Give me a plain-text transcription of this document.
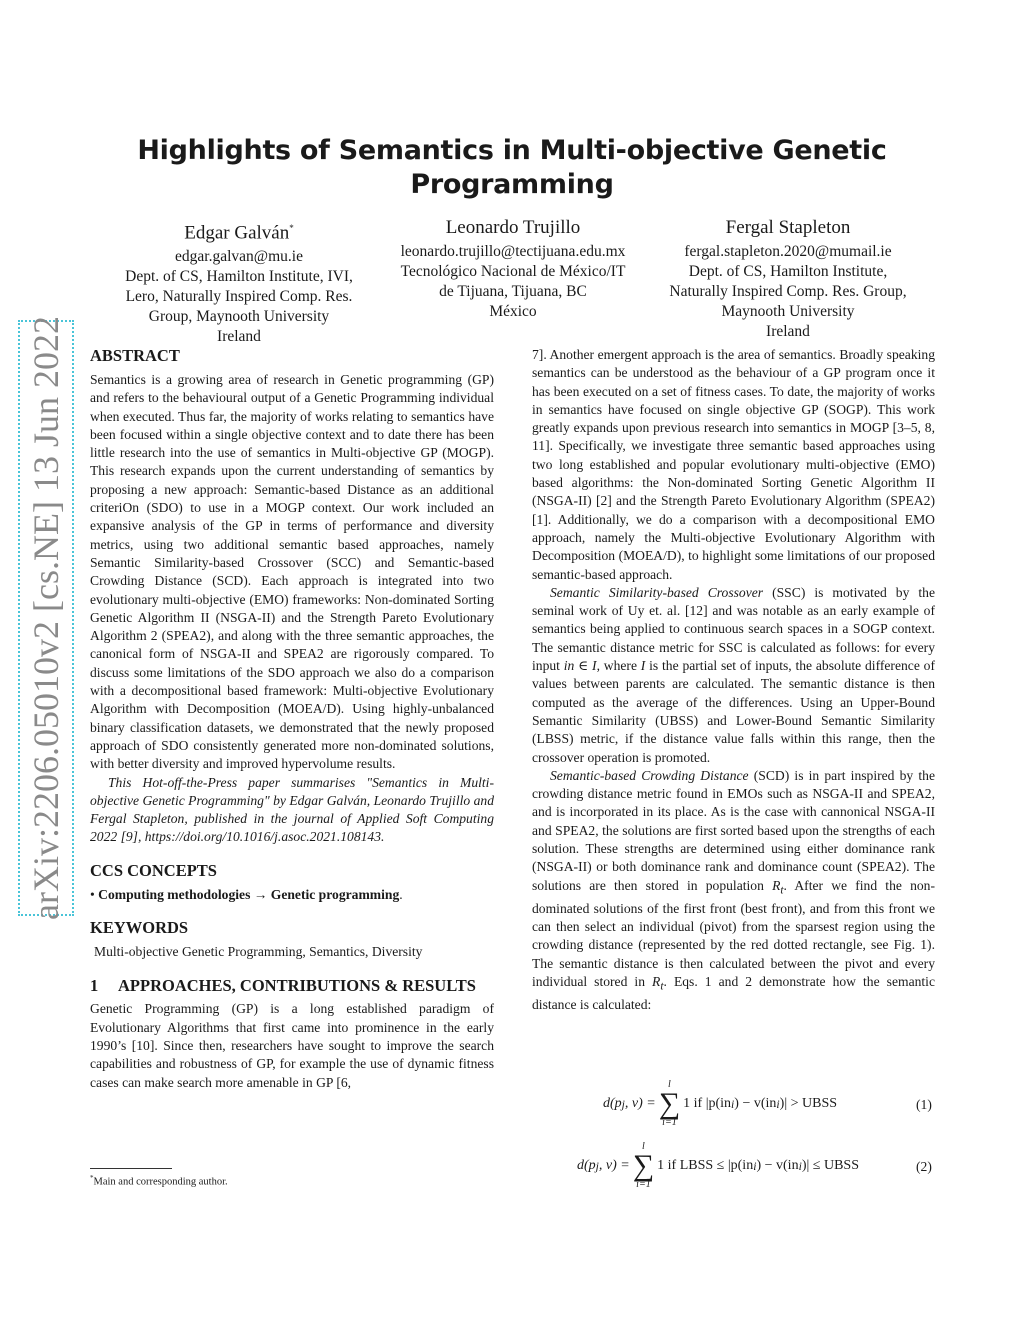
arXiv:2206.05010v2 [cs.NE] 13 Jun 2022
Highlights of Semantics in Multi-objective Genetic Programming
Edgar Galván*
edgar.galvan@mu.ie
Dept. of CS, Hamilton Institute, IVI,
Lero, Naturally Inspired Comp. Res.
Group, Maynooth University
Ireland
Leonardo Trujillo
leonardo.trujillo@tectijuana.edu.mx
Tecnológico Nacional de México/IT
de Tijuana, Tijuana, BC
México
Fergal Stapleton
fergal.stapleton.2020@mumail.ie
Dept. of CS, Hamilton Institute,
Naturally Inspired Comp. Res. Group,
Maynooth University
Ireland
ABSTRACT

Semantics is a growing area of research in Genetic programming (GP) and refers to the behavioural output of a Genetic Programming individual when executed. Thus far, the majority of works relating to semantics have been focused within a single objective context and to date there has been little research into the use of semantics in Multi-objective GP (MOGP). This research expands upon the current understanding of semantics by proposing a new approach: Semantic-based Distance as an additional criteriOn (SDO) to use in a MOGP context. Our work included an expansive analysis of the GP in terms of performance and diversity metrics, using two additional semantic based approaches, namely Semantic Similarity-based Crossover (SCC) and Semantic-based Crowding Distance (SCD). Each approach is integrated into two evolutionary multi-objective (EMO) frameworks: Non-dominated Sorting Genetic Algorithm II (NSGA-II) and the Strength Pareto Evolutionary Algorithm 2 (SPEA2), and along with the three semantic approaches, the canonical form of NSGA-II and SPEA2 are rigorously compared. To discuss some limitations of the SDO approach we also do a comparison with a decompositional based framework: Multi-objective Evolutionary Algorithm with Decomposition (MOEA/D). Using highly-unbalanced binary classification datasets, we demonstrated that the newly proposed approach of SDO consistently generated more non-dominated solutions, with better diversity and improved hypervolume results.

This Hot-off-the-Press paper summarises "Semantics in Multi-objective Genetic Programming" by Edgar Galván, Leonardo Trujillo and Fergal Stapleton, published in the journal of Applied Soft Computing 2022 [9], https://doi.org/10.1016/j.asoc.2021.108143.

CCS CONCEPTS
• Computing methodologies → Genetic programming.
KEYWORDS
Multi-objective Genetic Programming, Semantics, Diversity
1	APPROACHES, CONTRIBUTIONS & RESULTS

Genetic Programming (GP) is a long established paradigm of Evolutionary Algorithms that first came into prominence in the early 1990’s [10]. Since then, researchers have sought to improve the search capabilities and robustness of GP, for example the use of dynamic fitness cases can make search more amenable in GP [6,

7]. Another emergent approach is the area of semantics. Broadly speaking semantics can be understood as the behaviour of a GP program once it has been executed on a set of fitness cases. To date, the majority of works in semantics have focused on single objective GP (SOGP). This work greatly expands upon previous research into semantics in MOGP [3–5, 8, 11]. Specifically, we investigate three semantic based approaches using two long established and popular evolutionary multi-objective (EMO) based algorithms: the Non-dominated Sorting Genetic Algorithm II (NSGA-II) [2] and the Strength Pareto Evolutionary Algorithm (SPEA2) [1]. Additionally, we do a comparison with a decompositional EMO approach, namely the Multi-objective Evolutionary Algorithm with Decomposition (MOEA/D), to highlight some limitations of our proposed semantic-based approach.

Semantic Similarity-based Crossover (SSC) is motivated by the seminal work of Uy et. al. [12] and was notable as an early example of semantics being applied to continuous search spaces in a SOGP context. The semantic distance metric for SSC is calculated as follows: for every input in ∈ I, where I is the partial set of inputs, the absolute difference of values between parents are calculated. The semantic distance is then computed as the average of the differences. Using an Upper-Bound Semantic Similarity (UBSS) and Lower-Bound Semantic Similarity (LBSS) metric, if the distance value falls within this range, then the crossover operation is promoted.

Semantic-based Crowding Distance (SCD) is in part inspired by the crowding distance metric found in EMOs such as NSGA-II and SPEA2, and is incorporated in its place. As is the case with cannonical NSGA-II and SPEA2, the solutions are first sorted based upon the strengths of each solution. These strengths are determined using either dominance rank (NSGA-II) or both dominance rank and dominance count (SPEA2). The solutions are then stored in population $R_t$. After we find the non-dominated solutions of the first front (best front), and from this front we can then select an individual (pivot) from the sparsest region using the crowding distance (represented by the red dotted rectangle, see Fig. 1). The semantic distance is then calculated between the pivot and every individual stored in $R_t$. Eqs. 1 and 2 demonstrate how the semantic distance is calculated:

d(p j , v) =
l
∑
i=1
1 if |p(in i ) − v(in i )| > UBSS	(1)
d(p j , v) =
l
∑
i=1
1 if LBSS ≤ |p(in i ) − v(in i )| ≤ UBSS	(2)
*Main and corresponding author.
